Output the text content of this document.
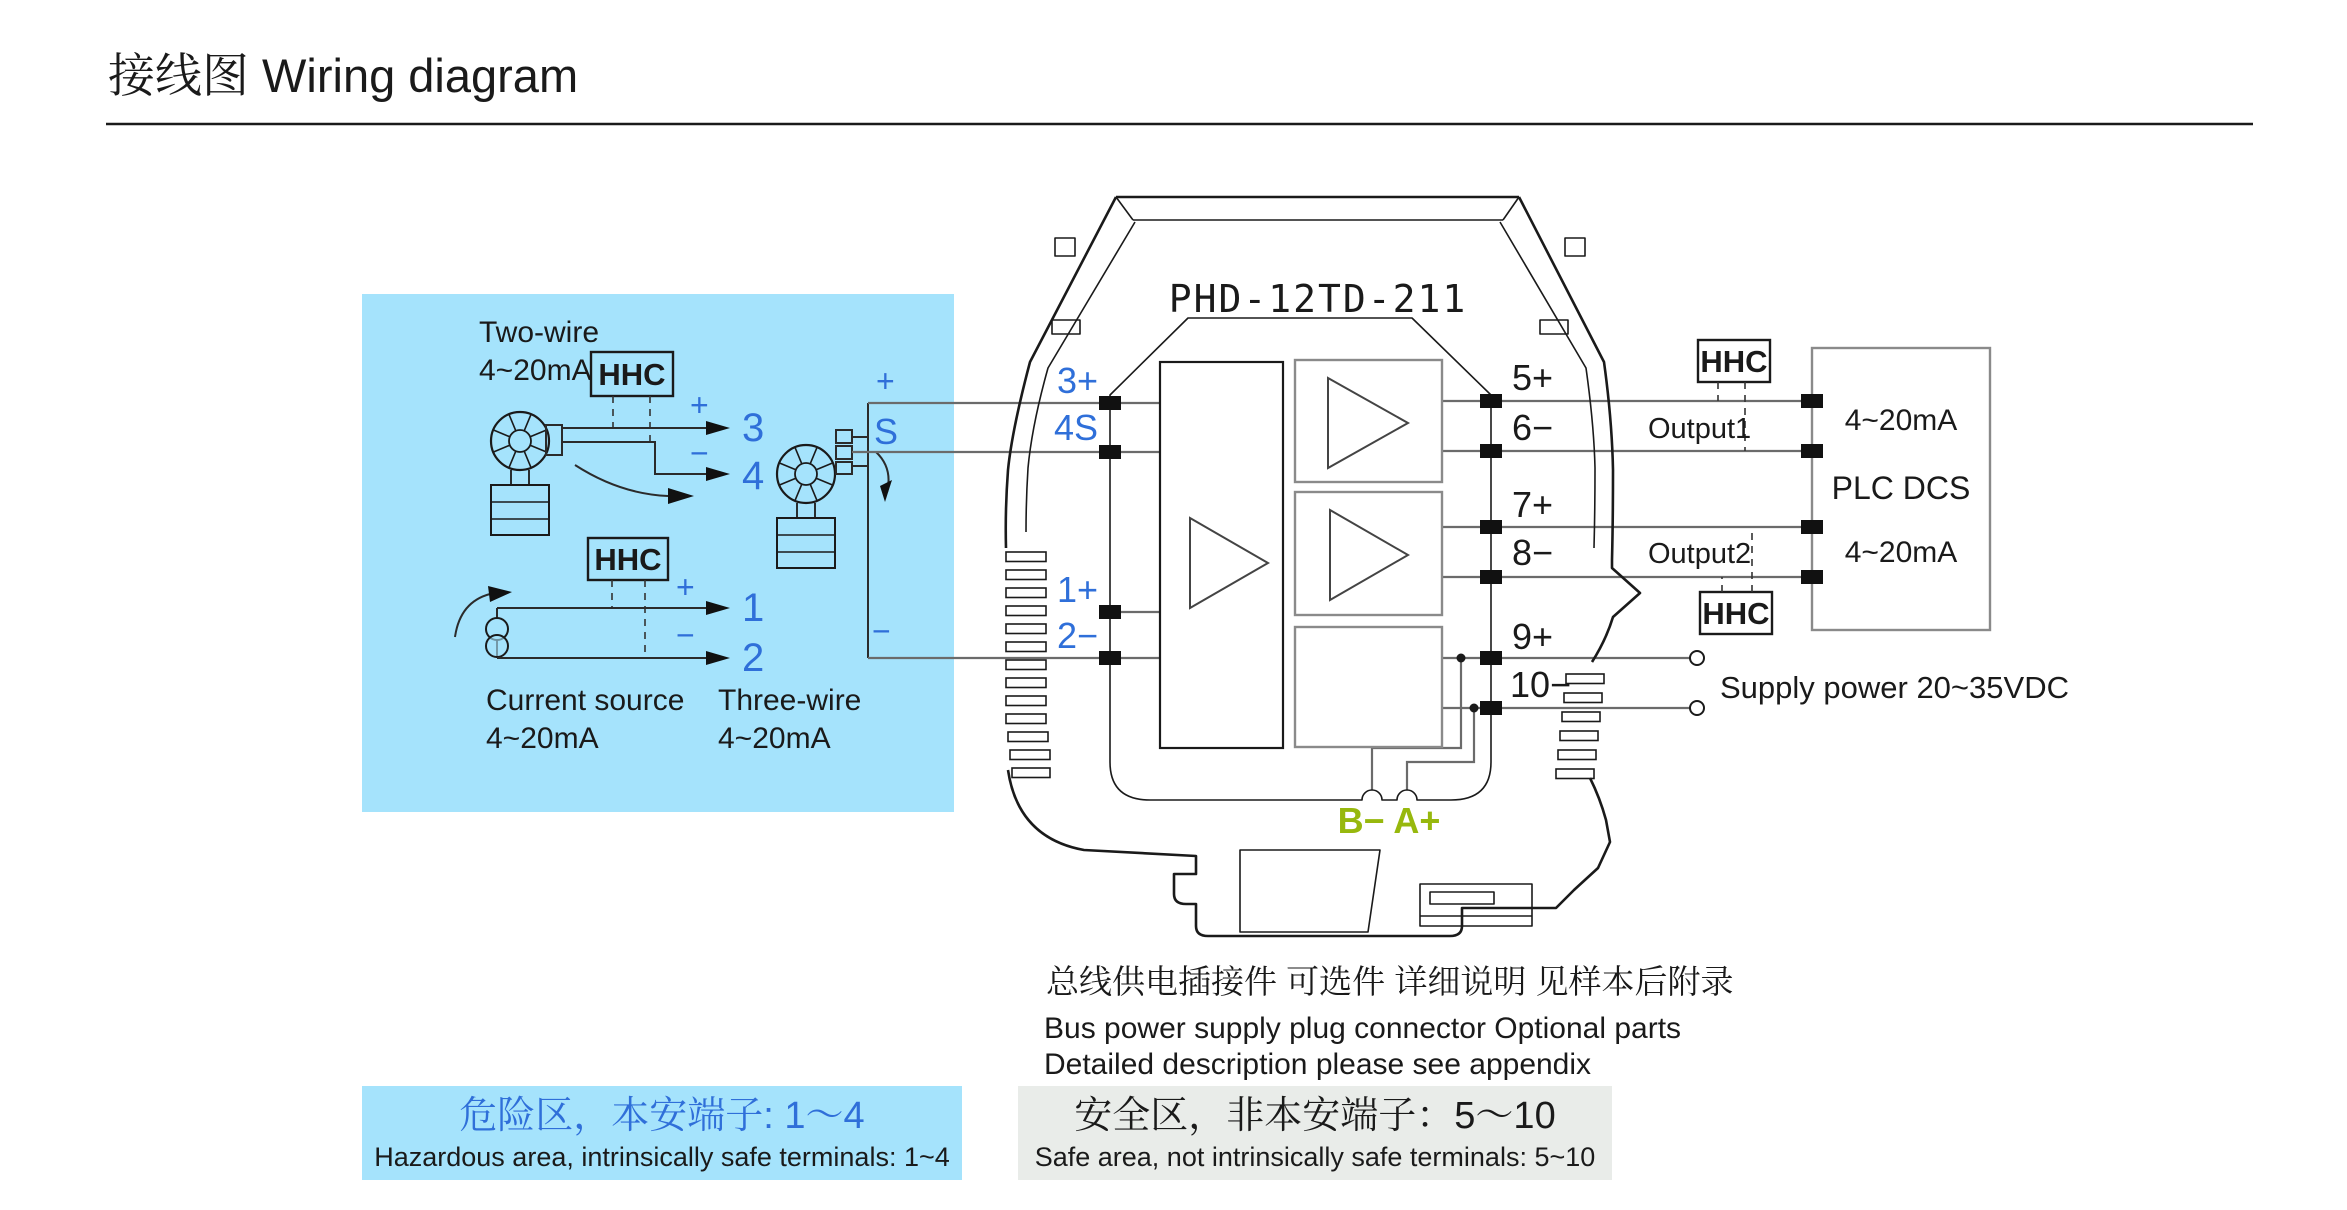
接线图 Wiring diagram
Two-wire
4~20mA HHC
+
−
3
4
HHC
+
−
1
2
Current source
4~20mA
+
S
−
Three-wire
4~20mA
PHD-12TD-211
3+
4S
1+
2−
5+
6−
7+
8−
9+
10−
B− A+
HHC
Output1
HHC
Output2
4~20mA
PLC DCS
4~20mA
Supply power 20~35VDC
总线供电插接件 可选件 详细说明 见样本后附录
Bus power supply plug connector Optional parts
Detailed description please see appendix
危险区，本安端子: 1～4
Hazardous area, intrinsically safe terminals: 1~4
安全区，非本安端子：5～10
Safe area, not intrinsically safe terminals: 5~10
